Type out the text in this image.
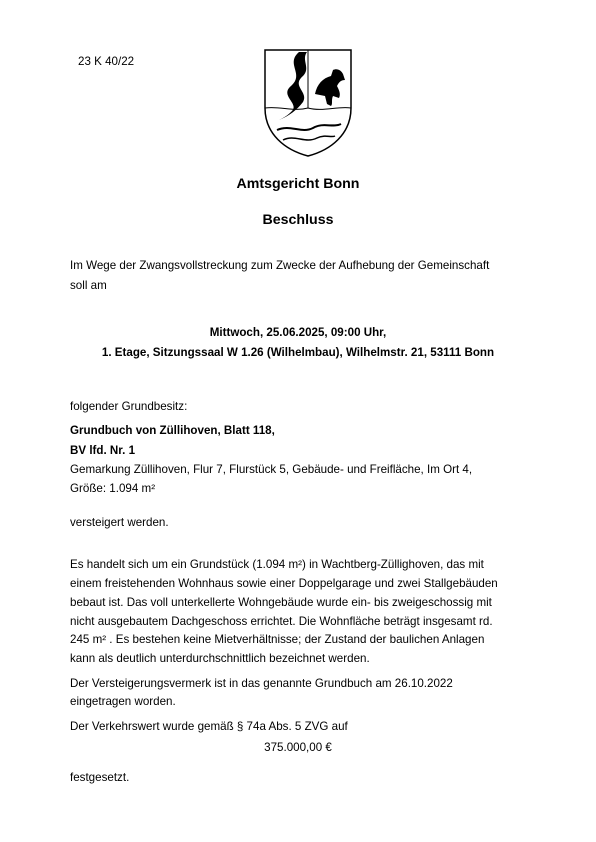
23 K 40/22
Amtsgericht Bonn
Beschluss
Im Wege der Zwangsvollstreckung zum Zwecke der Aufhebung der Gemeinschaft
soll am
Mittwoch, 25.06.2025, 09:00 Uhr,
1. Etage, Sitzungssaal W 1.26 (Wilhelmbau), Wilhelmstr. 21, 53111 Bonn
folgender Grundbesitz:
Grundbuch von Züllihoven, Blatt 118,
BV lfd. Nr. 1
Gemarkung Züllihoven, Flur 7, Flurstück 5, Gebäude- und Freifläche, Im Ort 4,
Größe: 1.094 m²
versteigert werden.
Es handelt sich um ein Grundstück (1.094 m²) in Wachtberg-Züllighoven, das mit
einem freistehenden Wohnhaus sowie einer Doppelgarage und zwei Stallgebäuden
bebaut ist. Das voll unterkellerte Wohngebäude wurde ein- bis zweigeschossig mit
nicht ausgebautem Dachgeschoss errichtet. Die Wohnfläche beträgt insgesamt rd.
245 m² . Es bestehen keine Mietverhältnisse; der Zustand der baulichen Anlagen
kann als deutlich unterdurchschnittlich bezeichnet werden.
Der Versteigerungsvermerk ist in das genannte Grundbuch am 26.10.2022
eingetragen worden.
Der Verkehrswert wurde gemäß § 74a Abs. 5 ZVG auf
375.000,00 €
festgesetzt.
